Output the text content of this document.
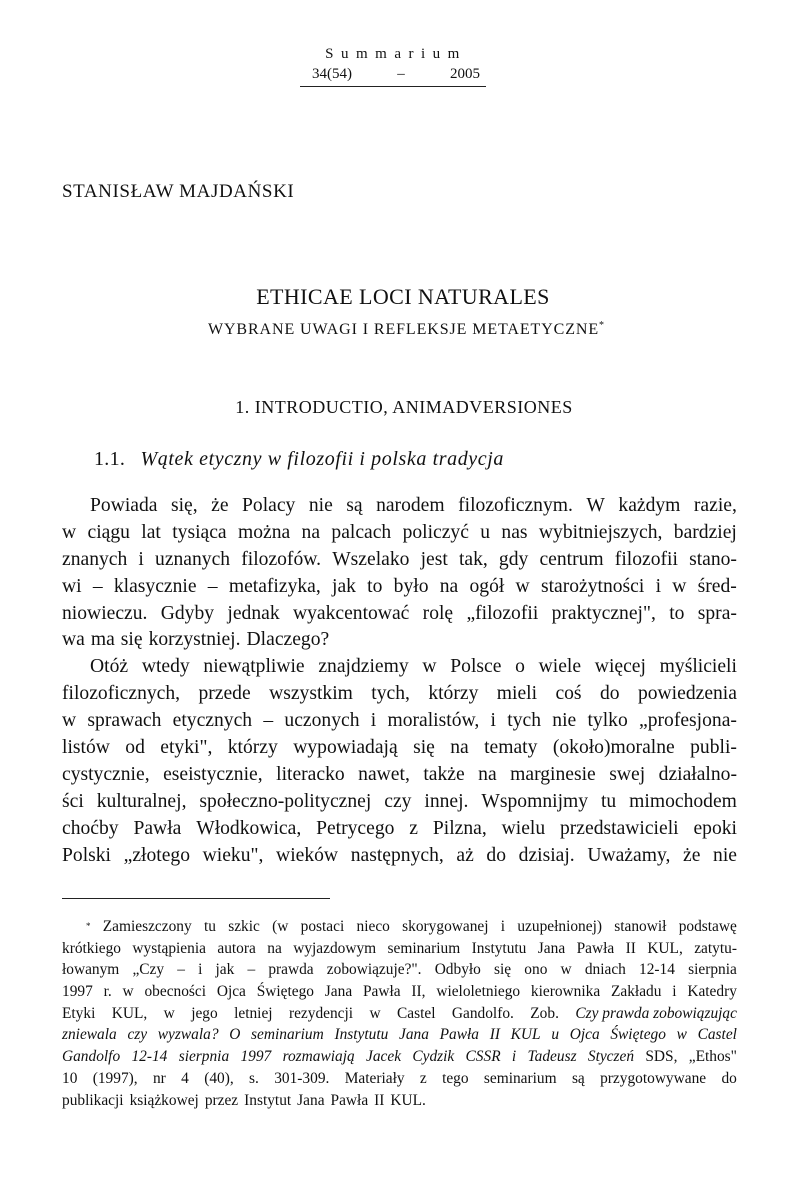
Summarium
34(54)	–	2005
STANISŁAW MAJDAŃSKI
ETHICAE LOCI NATURALES
WYBRANE UWAGI I REFLEKSJE METAETYCZNE*
1. INTRODUCTIO, ANIMADVERSIONES
1.1. Wątek etyczny w filozofii i polska tradycja
Powiada się, że Polacy nie są narodem filozoficznym. W każdym razie,
w ciągu lat tysiąca można na palcach policzyć u nas wybitniejszych, bardziej
znanych i uznanych filozofów. Wszelako jest tak, gdy centrum filozofii stano-
wi – klasycznie – metafizyka, jak to było na ogół w starożytności i w śred-
niowieczu. Gdyby jednak wyakcentować rolę „filozofii praktycznej", to spra-
wa ma się korzystniej. Dlaczego?
Otóż wtedy niewątpliwie znajdziemy w Polsce o wiele więcej myślicieli
filozoficznych, przede wszystkim tych, którzy mieli coś do powiedzenia
w sprawach etycznych – uczonych i moralistów, i tych nie tylko „profesjona-
listów od etyki", którzy wypowiadają się na tematy (około)moralne publi-
cystycznie, eseistycznie, literacko nawet, także na marginesie swej działalno-
ści kulturalnej, społeczno-politycznej czy innej. Wspomnijmy tu mimochodem
choćby Pawła Włodkowica, Petrycego z Pilzna, wielu przedstawicieli epoki
Polski „złotego wieku", wieków następnych, aż do dzisiaj. Uważamy, że nie
* Zamieszczony tu szkic (w postaci nieco skorygowanej i uzupełnionej) stanowił podstawę
krótkiego wystąpienia autora na wyjazdowym seminarium Instytutu Jana Pawła II KUL, zatytu-
łowanym „Czy – i jak – prawda zobowiązuje?". Odbyło się ono w dniach 12-14 sierpnia
1997 r. w obecności Ojca Świętego Jana Pawła II, wieloletniego kierownika Zakładu i Katedry
Etyki KUL, w jego letniej rezydencji w Castel Gandolfo. Zob. Czy prawda zobowiązując
zniewala czy wyzwala? O seminarium Instytutu Jana Pawła II KUL u Ojca Świętego w Castel
Gandolfo 12-14 sierpnia 1997 rozmawiają Jacek Cydzik CSSR i Tadeusz Styczeń SDS, „Ethos"
10 (1997), nr 4 (40), s. 301-309. Materiały z tego seminarium są przygotowywane do
publikacji książkowej przez Instytut Jana Pawła II KUL.
